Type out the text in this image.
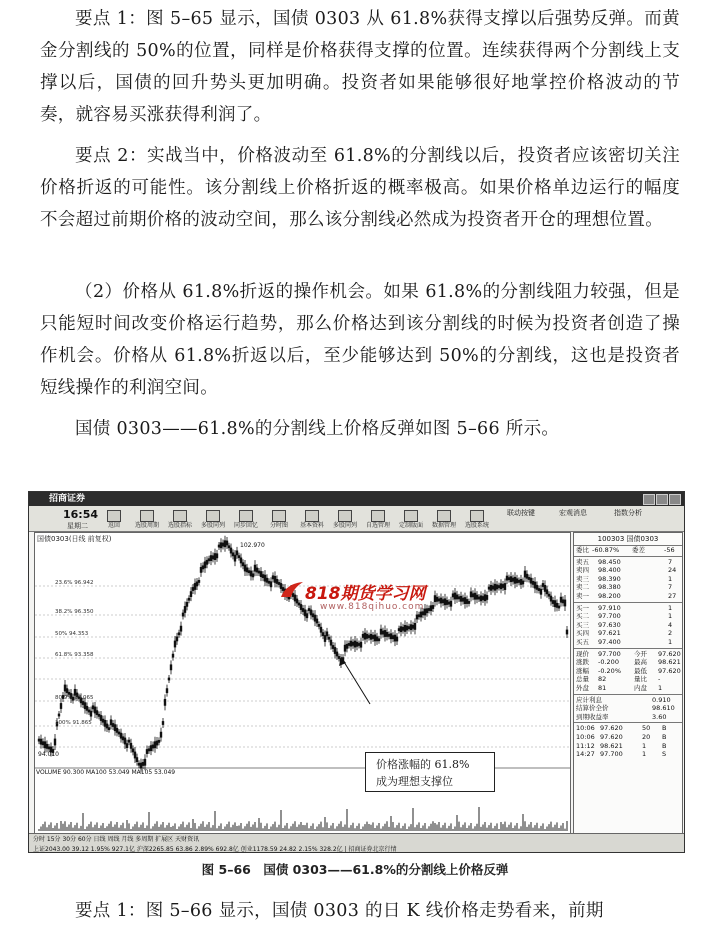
要点 1：图 5–65 显示，国债 0303 从 61.8%获得支撑以后强势反弹。而黄金分割线的 50%的位置，同样是价格获得支撑的位置。连续获得两个分割线上支撑以后，国债的回升势头更加明确。投资者如果能够很好地掌控价格波动的节奏，就容易买涨获得利润了。

要点 2：实战当中，价格波动至 61.8%的分割线以后，投资者应该密切关注价格折返的可能性。该分割线上价格折返的概率极高。如果价格单边运行的幅度不会超过前期价格的波动空间，那么该分割线必然成为投资者开仓的理想位置。

（2）价格从 61.8%折返的操作机会。如果 61.8%的分割线阻力较强，但是只能短时间改变价格运行趋势，那么价格达到该分割线的时候为投资者创造了操作机会。价格从 61.8%折返以后，至少能够达到 50%的分割线，这也是投资者短线操作的利润空间。

国债 0303——61.8%的分割线上价格反弹如图 5–66 所示。

招商证券
16:54
星期二	返回	选股周期 选股指标 多股同列 同步回忆	分时图	基本资料 多股同列 自选管理 定制版面 数据管理 选股系统
联动按键	宏观消息	指数分析
国债0303(日线 前复权)
VOLUME 90.300 MA100 53.049 MA105 53.049
102.970
94.010
23.6% 96.942
38.2% 96.350
50% 94.353
61.8% 93.358
80.9% 93.065
100% 91.865
818期货学习网
www.818qihuo.com
价格涨幅的 61.8%
成为理想支撑位
100303 国债0303
委比 -60.87% 委差	-56
卖五 98.450	7
卖四 98.400	24
卖三 98.390	1
卖二 98.380	7
卖一 98.200	27
买一 97.910	1
买二 97.700	1
买三 97.630	4
买四 97.621	2
买五 97.400	1
现价 97.700 今开 97.620
涨跌 -0.200 最高 98.621
涨幅 -0.20% 最低 97.620
总量 82	量比 -
外盘 81	内盘 1
应计利息	0.910
结算价全价	98.610
到期收益率	3.60
10:06 97.620	50 B
10:06 97.620	20 B
11:12 98.621	1 B
14:27 97.700	1 S
分时 15分 30分 60分 日线 周线 月线 多周期 扩展区 天财资讯
上证2043.00 39.12 1.95% 927.1亿 沪深2265.85 63.86 2.89% 692.8亿 创业1178.59 24.82 2.15% 328.2亿 | 招商证券北京行情
图 5–66　国债 0303——61.8%的分割线上价格反弹

要点 1：图 5–66 显示，国债 0303 的日 K 线价格走势看来，前期
